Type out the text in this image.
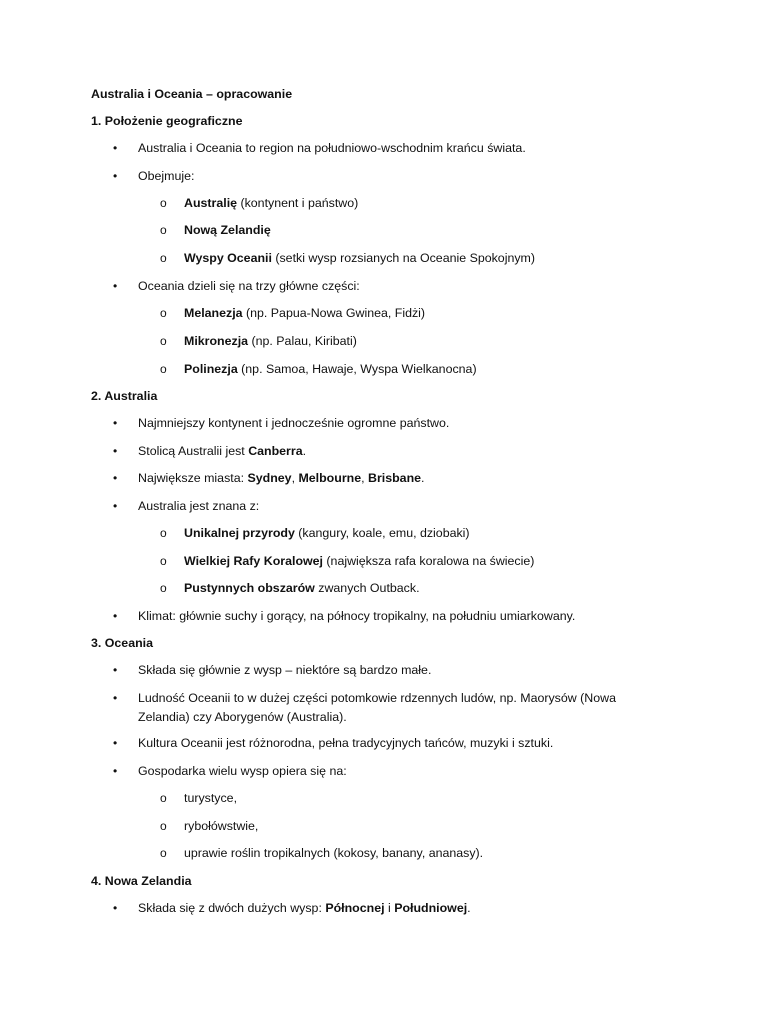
Australia i Oceania – opracowanie
1. Położenie geograficzne
• Australia i Oceania to region na południowo-wschodnim krańcu świata.
• Obejmuje:
o Australię (kontynent i państwo)
o Nową Zelandię
o Wyspy Oceanii (setki wysp rozsianych na Oceanie Spokojnym)
• Oceania dzieli się na trzy główne części:
o Melanezja (np. Papua-Nowa Gwinea, Fidżi)
o Mikronezja (np. Palau, Kiribati)
o Polinezja (np. Samoa, Hawaje, Wyspa Wielkanocna)
2. Australia
• Najmniejszy kontynent i jednocześnie ogromne państwo.
• Stolicą Australii jest Canberra.
• Największe miasta: Sydney, Melbourne, Brisbane.
• Australia jest znana z:
o Unikalnej przyrody (kangury, koale, emu, dziobaki)
o Wielkiej Rafy Koralowej (największa rafa koralowa na świecie)
o Pustynnych obszarów zwanych Outback.
• Klimat: głównie suchy i gorący, na północy tropikalny, na południu umiarkowany.
3. Oceania
• Składa się głównie z wysp – niektóre są bardzo małe.
• Ludność Oceanii to w dużej części potomkowie rdzennych ludów, np. Maorysów (Nowa
Zelandia) czy Aborygenów (Australia).
• Kultura Oceanii jest różnorodna, pełna tradycyjnych tańców, muzyki i sztuki.
• Gospodarka wielu wysp opiera się na:
o turystyce,
o rybołówstwie,
o uprawie roślin tropikalnych (kokosy, banany, ananasy).
4. Nowa Zelandia
• Składa się z dwóch dużych wysp: Północnej i Południowej.
